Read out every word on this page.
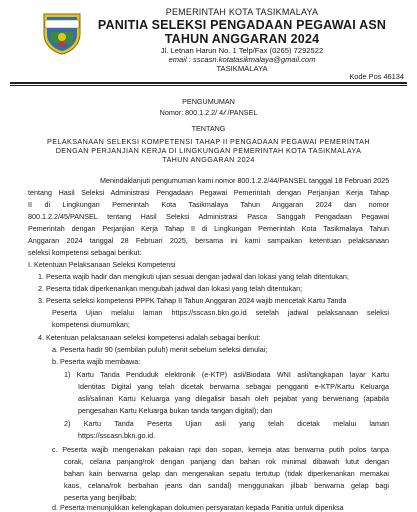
PEMERINTAH KOTA TASIKMALAYA
PANITIA SELEKSI PENGADAAN PEGAWAI ASN
TAHUN ANGGARAN 2024
Jl. Letnan Harun No. 1 Telp/Fax (0265) 7292522
email : sscasn.kotatasikmalaya@gmail.com
TASIKMALAYA
Kode Pos 46134
PENGUMUMAN
Nomor: 800.1.2.2/ 4𝓁 /PANSEL
TENTANG
PELAKSANAAN SELEKSI KOMPETENSI TAHAP II PENGADAAN PEGAWAI PEMERINTAH
DENGAN PERJANJIAN KERJA DI LINGKUNGAN PEMERINTAH KOTA TASIKMALAYA
TAHUN ANGGARAN 2024
Menindaklanjuti pengumuman kami nomor 800.1.2.2/44/PANSEL tanggal 18 Februari 2025
tentang Hasil Seleksi Administrasi Pengadaan Pegawai Pemerintah dengan Perjanjian Kerja Tahap
II di Lingkungan Pemerintah Kota Tasikmalaya Tahun Anggaran 2024 dan nomor
800.1.2.2/45/PANSEL tentang Hasil Seleksi Administrasi Pasca Sanggah Pengadaan Pegawai
Pemerintah dengan Perjanjian Kerja Tahap II di Lingkungan Pemerintah Kota Tasikmalaya Tahun
Anggaran 2024 tanggal 28 Februari 2025, bersama ini kami sampaikan ketentuan pelaksanaan
seleksi kompetensi sebagai berikut:
I. Ketentuan Pelaksanaan Seleksi Kompetensi
1. Peserta wajib hadir dan mengikuti ujian sesuai dengan jadwal dan lokasi yang telah ditentukan;
2. Peserta tidak diperkenankan mengubah jadwal dan lokasi yang telah ditentukan;
3. Peserta seleksi kompetensi PPPK Tahap II Tahun Anggaran 2024 wajib mencetak Kartu Tanda
Peserta Ujian melalui laman https://sscasn.bkn.go.id setelah jadwal pelaksanaan seleksi
kompetensi diumumkan;
4. Ketentuan pelaksanaan seleksi kompetensi adalah sebagai berikut:
a. Peserta hadir 90 (sembilan puluh) menit sebelum seleksi dimulai;
b. Peserta wajib membawa:
1) Kartu Tanda Penduduk elektronik (e-KTP) asli/Biodata WNI asli/tangkapan layar Kartu
Identitas Digital yang telah dicetak berwarna sebagai pengganti e-KTP/Kartu Keluarga
asli/salinan Kartu Keluarga yang dilegalisir basah oleh pejabat yang berwenang (apabila
pengesahan Kartu Keluarga bukan tanda tangan digital); dan
2) Kartu Tanda Peserta Ujian asli yang telah dicetak melalui laman
https://sscasn.bkn.go.id.
c. Peserta wajib mengenakan pakaian rapi dan sopan, kemeja atas berwarna putih polos tanpa
corak, celana panjang/rok dengan panjang dan bahan rok minimal dibawah lutut dengan
bahan kain berwarna gelap dan mengenakan sepatu tertutup (tidak diperkenankan memakai
kaos, celana/rok berbahan jeans dan sandal) menggunakan jilbab berwarna gelap bagi
peserta yang berjilbab;
d. Peserta menunjukkan kelengkapan dokumen persyaratan kepada Panitia untuk diperiksa
